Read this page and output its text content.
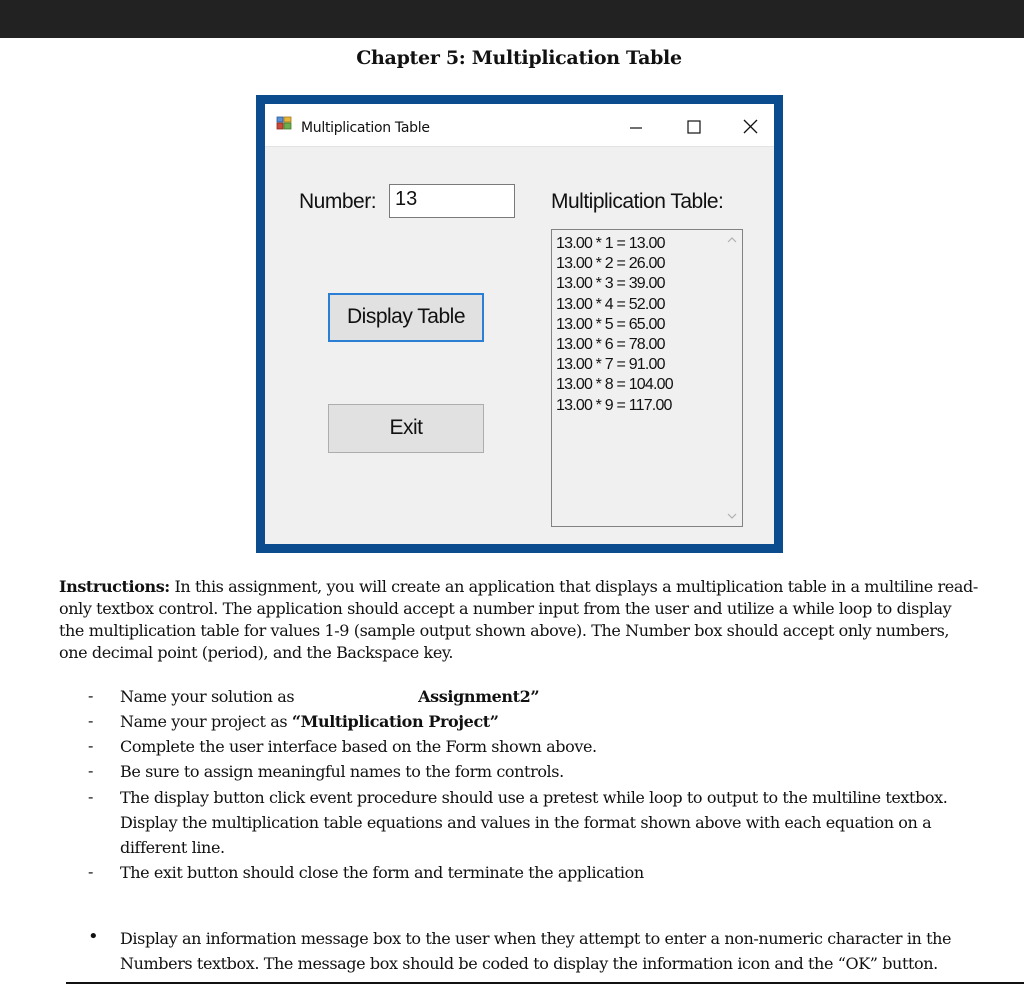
Chapter 5: Multiplication Table
Multiplication Table
Number: 13	Multiplication Table:
Display Table
Exit
13.00 * 1 = 13.00
13.00 * 2 = 26.00
13.00 * 3 = 39.00
13.00 * 4 = 52.00
13.00 * 5 = 65.00
13.00 * 6 = 78.00
13.00 * 7 = 91.00
13.00 * 8 = 104.00
13.00 * 9 = 117.00
Instructions: In this assignment, you will create an application that displays a multiplication table in a multiline read-only textbox control. The application should accept a number input from the user and utilize a while loop to display the multiplication table for values 1-9 (sample output shown above). The Number box should accept only numbers, one decimal point (period), and the Backspace key.
- Name your solution as	Assignment2”
- Name your project as “Multiplication Project”
- Complete the user interface based on the Form shown above.
- Be sure to assign meaningful names to the form controls.
- The display button click event procedure should use a pretest while loop to output to the multiline textbox. Display the multiplication table equations and values in the format shown above with each equation on a different line.
- The exit button should close the form and terminate the application
• Display an information message box to the user when they attempt to enter a non-numeric character in the Numbers textbox. The message box should be coded to display the information icon and the “OK” button.
